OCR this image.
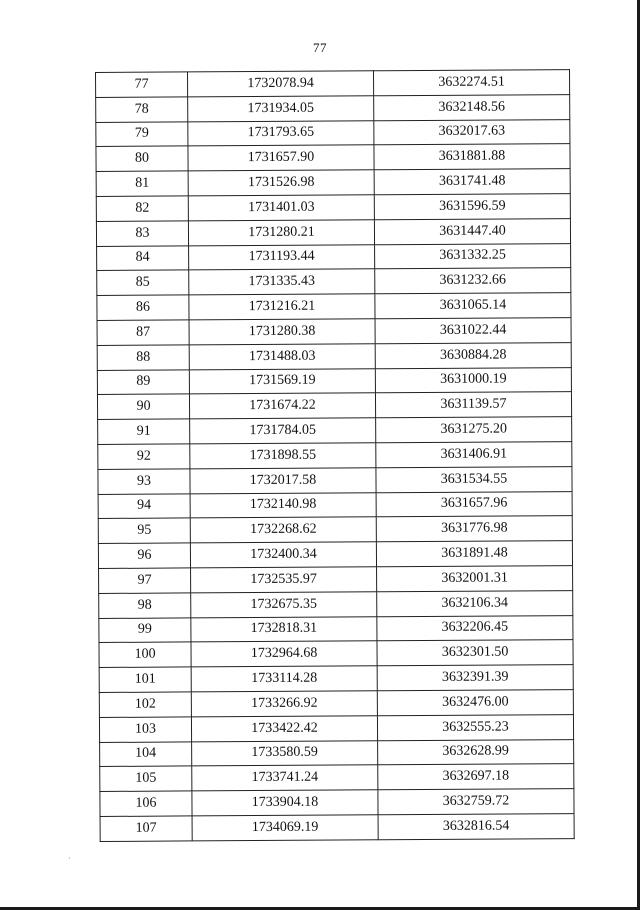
77
77	1732078.94	3632274.51
78	1731934.05	3632148.56
79	1731793.65	3632017.63
80	1731657.90	3631881.88
81	1731526.98	3631741.48
82	1731401.03	3631596.59
83	1731280.21	3631447.40
84	1731193.44	3631332.25
85	1731335.43	3631232.66
86	1731216.21	3631065.14
87	1731280.38	3631022.44
88	1731488.03	3630884.28
89	1731569.19	3631000.19
90	1731674.22	3631139.57
91	1731784.05	3631275.20
92	1731898.55	3631406.91
93	1732017.58	3631534.55
94	1732140.98	3631657.96
95	1732268.62	3631776.98
96	1732400.34	3631891.48
97	1732535.97	3632001.31
98	1732675.35	3632106.34
99	1732818.31	3632206.45
100	1732964.68	3632301.50
101	1733114.28	3632391.39
102	1733266.92	3632476.00
103	1733422.42	3632555.23
104	1733580.59	3632628.99
105	1733741.24	3632697.18
106	1733904.18	3632759.72
107	1734069.19	3632816.54
·
